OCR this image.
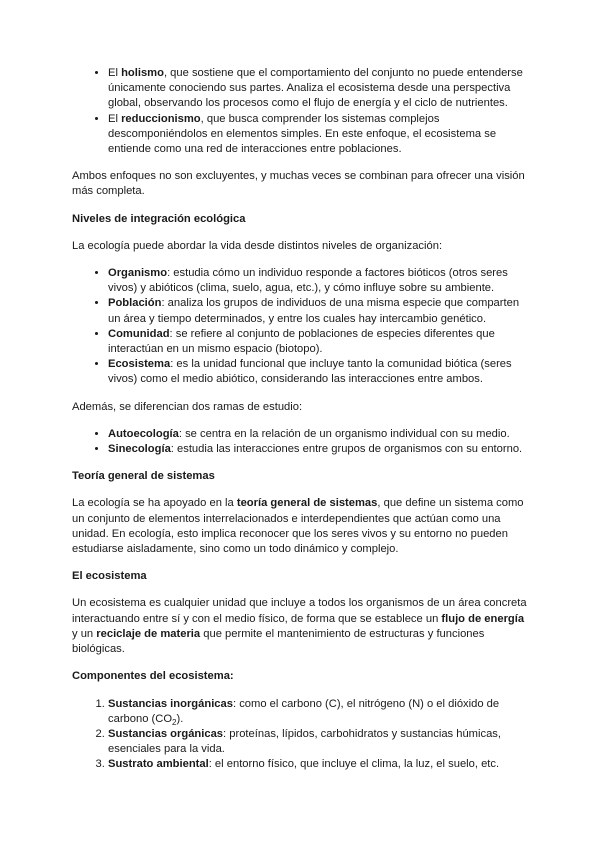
• El holismo, que sostiene que el comportamiento del conjunto no puede entenderse únicamente conociendo sus partes. Analiza el ecosistema desde una perspectiva global, observando los procesos como el flujo de energía y el ciclo de nutrientes.
• El reduccionismo, que busca comprender los sistemas complejos descomponiéndolos en elementos simples. En este enfoque, el ecosistema se entiende como una red de interacciones entre poblaciones.

Ambos enfoques no son excluyentes, y muchas veces se combinan para ofrecer una visión más completa.

Niveles de integración ecológica

La ecología puede abordar la vida desde distintos niveles de organización:

• Organismo: estudia cómo un individuo responde a factores bióticos (otros seres vivos) y abióticos (clima, suelo, agua, etc.), y cómo influye sobre su ambiente.
• Población: analiza los grupos de individuos de una misma especie que comparten un área y tiempo determinados, y entre los cuales hay intercambio genético.
• Comunidad: se refiere al conjunto de poblaciones de especies diferentes que interactúan en un mismo espacio (biotopo).
• Ecosistema: es la unidad funcional que incluye tanto la comunidad biótica (seres vivos) como el medio abiótico, considerando las interacciones entre ambos.

Además, se diferencian dos ramas de estudio:

• Autoecología: se centra en la relación de un organismo individual con su medio.
• Sinecología: estudia las interacciones entre grupos de organismos con su entorno.

Teoría general de sistemas

La ecología se ha apoyado en la teoría general de sistemas, que define un sistema como un conjunto de elementos interrelacionados e interdependientes que actúan como una unidad. En ecología, esto implica reconocer que los seres vivos y su entorno no pueden estudiarse aisladamente, sino como un todo dinámico y complejo.

El ecosistema

Un ecosistema es cualquier unidad que incluye a todos los organismos de un área concreta interactuando entre sí y con el medio físico, de forma que se establece un flujo de energía y un reciclaje de materia que permite el mantenimiento de estructuras y funciones biológicas.

Componentes del ecosistema:

1. Sustancias inorgánicas: como el carbono (C), el nitrógeno (N) o el dióxido de carbono $(CO_2)$.
2. Sustancias orgánicas: proteínas, lípidos, carbohidratos y sustancias húmicas, esenciales para la vida.
3. Sustrato ambiental: el entorno físico, que incluye el clima, la luz, el suelo, etc.
